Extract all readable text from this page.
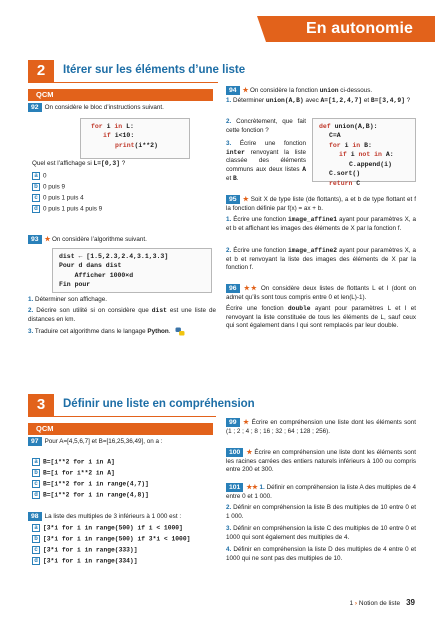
En autonomie
2	Itérer sur les éléments d’une liste
QCM
92 On considère le bloc d’instructions suivant.
for i in L:
if i<10:
print(i**2)
Quel est l’affichage si L=[0,3] ?
a 0
b 0 puis 9
c 0 puis 1 puis 4
d 0 puis 1 puis 4 puis 9
93 ★ On considère l’algorithme suivant.
dist ← [1.5,2.3,2.4,3.1,3.3]
Pour d dans dist
Afficher 1000×d
Fin pour
1. Déterminer son affichage.
2. Décrire son utilité si on considère que dist est une liste de distances en km.
3. Traduire cet algorithme dans le langage Python.
94 ★ On considère la fonction union ci-dessous.
1. Déterminer union(A,B) avec A=[1,2,4,7] et B=[3,4,9] ?
2. Concrètement, que fait cette fonction ?
3. Écrire une fonction inter renvoyant la liste classée des éléments communs aux deux listes A et B.
def union(A,B):
C=A
for i in B:
if i not in A:
C.append(i)
C.sort()
return C
95 ★ Soit X de type liste (de flottants), a et b de type flottant et f la fonction définie par f(x) = ax + b.
1. Écrire une fonction image_affine1 ayant pour paramètres X, a et b et affichant les images des éléments de X par la fonction f.
2. Écrire une fonction image_affine2 ayant pour paramètres X, a et b et renvoyant la liste des images des éléments de X par la fonction f.
96 ★★ On considère deux listes de flottants L et I (dont on admet qu’ils sont tous compris entre 0 et len(L)-1).
Écrire une fonction double ayant pour paramètres L et I et renvoyant la liste constituée de tous les éléments de L, sauf ceux qui sont également dans I qui sont remplacés par leur double.
3	Définir une liste en compréhension
QCM
97 Pour A=[4,5,6,7] et B=[16,25,36,49], on a :
a B=[i**2 for i in A]
b B=[i for i**2 in A]
c B=[i**2 for i in range(4,7)]
d B=[i**2 for i in range(4,8)]
98 La liste des multiples de 3 inférieurs à 1 000 est :
a [3*i for i in range(500) if i < 1000]
b [3*i for i in range(500) if 3*i < 1000]
c [3*i for i in range(333)]
d [3*i for i in range(334)]
99 ★ Écrire en compréhension une liste dont les éléments sont (1 ; 2 ; 4 ; 8 ; 16 ; 32 ; 64 ; 128 ; 256).
100 ★ Écrire en compréhension une liste dont les éléments sont les racines carrées des entiers naturels inférieurs à 100 ou compris entre 200 et 300.
101 ★★ 1. Définir en compréhension la liste A des multiples de 4 entre 0 et 1 000.
2. Définir en compréhension la liste B des multiples de 10 entre 0 et 1 000.
3. Définir en compréhension la liste C des multiples de 10 entre 0 et 1000 qui sont également des multiples de 4.
4. Définir en compréhension la liste D des multiples de 4 entre 0 et 1000 qui ne sont pas des multiples de 10.
1 › Notion de liste 39
